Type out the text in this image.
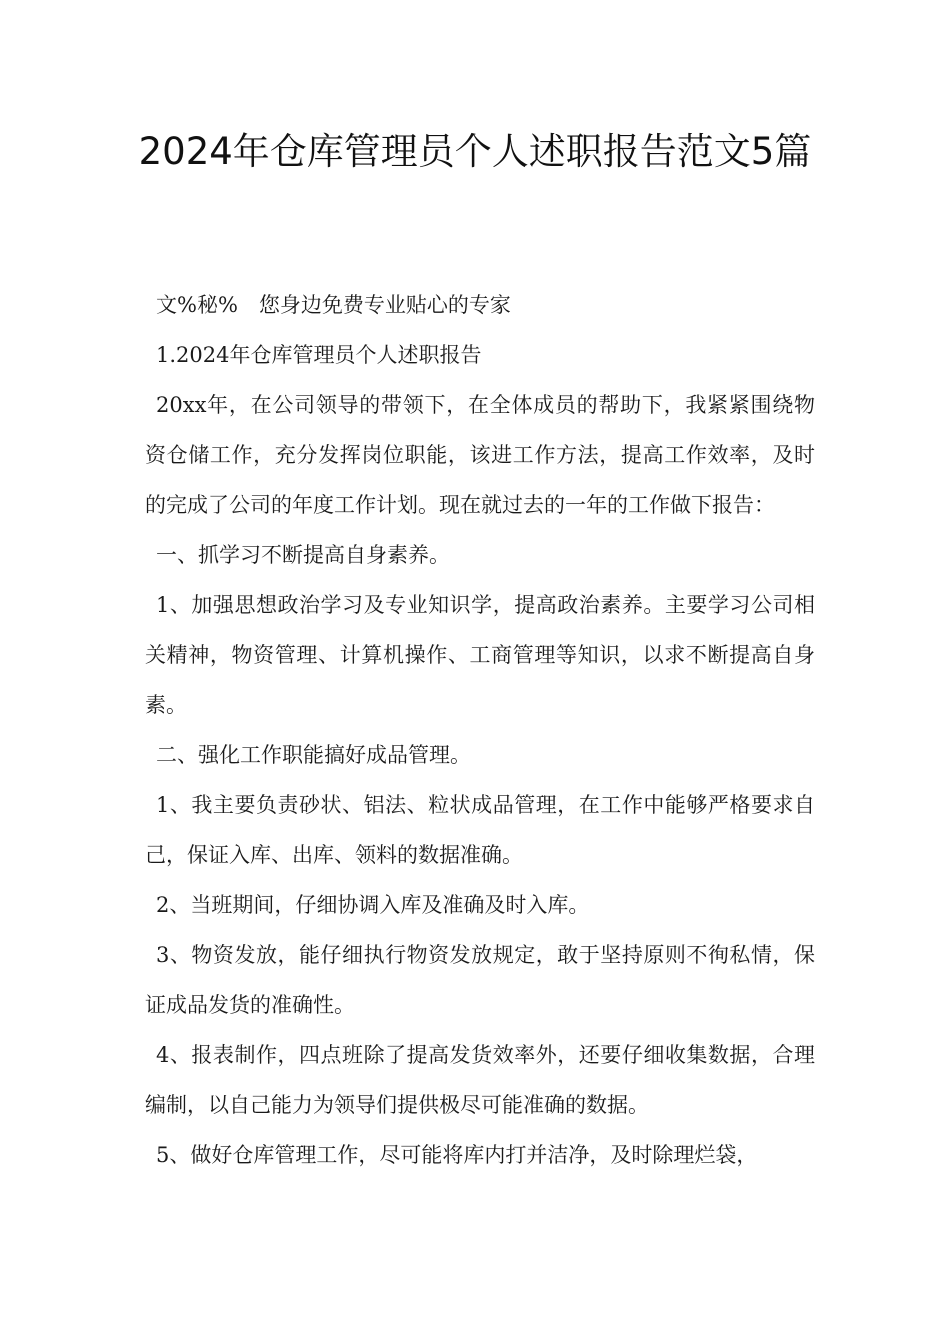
2024年仓库管理员个人述职报告范文5篇

文%秘%　您身边免费专业贴心的专家

1.2024年仓库管理员个人述职报告

20xx年，在公司领导的带领下，在全体成员的帮助下，我紧紧围绕物资仓储工作，充分发挥岗位职能，该进工作方法，提高工作效率，及时的完成了公司的年度工作计划。现在就过去的一年的工作做下报告：

一、抓学习不断提高自身素养。

1、加强思想政治学习及专业知识学，提高政治素养。主要学习公司相关精神，物资管理、计算机操作、工商管理等知识，以求不断提高自身素。

二、强化工作职能搞好成品管理。

1、我主要负责砂状、铝法、粒状成品管理，在工作中能够严格要求自己，保证入库、出库、领料的数据准确。

2、当班期间，仔细协调入库及准确及时入库。

3、物资发放，能仔细执行物资发放规定，敢于坚持原则不徇私情，保证成品发货的准确性。

4、报表制作，四点班除了提高发货效率外，还要仔细收集数据，合理编制，以自己能力为领导们提供极尽可能准确的数据。

5、做好仓库管理工作，尽可能将库内打并洁净，及时除理烂袋，
